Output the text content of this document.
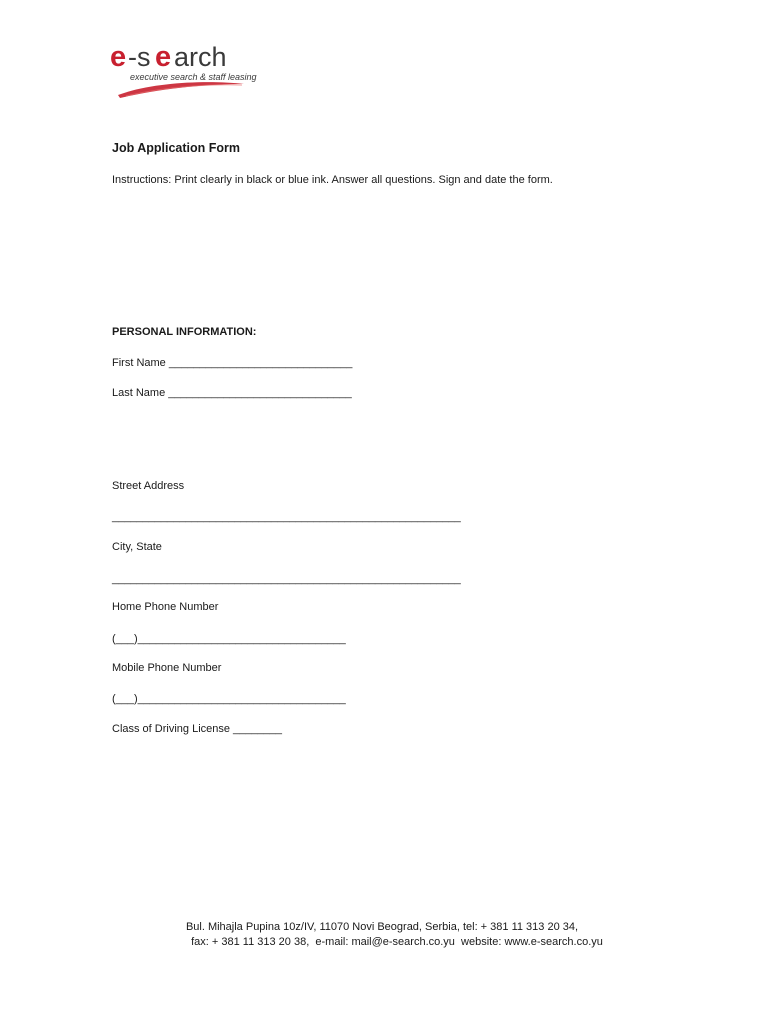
e -s e arch
executive search & staff leasing
Job Application Form
Instructions: Print clearly in black or blue ink. Answer all questions. Sign and date the form.
PERSONAL INFORMATION:
First Name ______________________________
Last Name ______________________________
Street Address
_________________________________________________________
City, State
_________________________________________________________
Home Phone Number
(___)__________________________________
Mobile Phone Number
(___)__________________________________
Class of Driving License ________
Bul. Mihajla Pupina 10z/IV, 11070 Novi Beograd, Serbia, tel: + 381 11 313 20 34,
fax: + 381 11 313 20 38,  e-mail: mail@e-search.co.yu  website: www.e-search.co.yu
